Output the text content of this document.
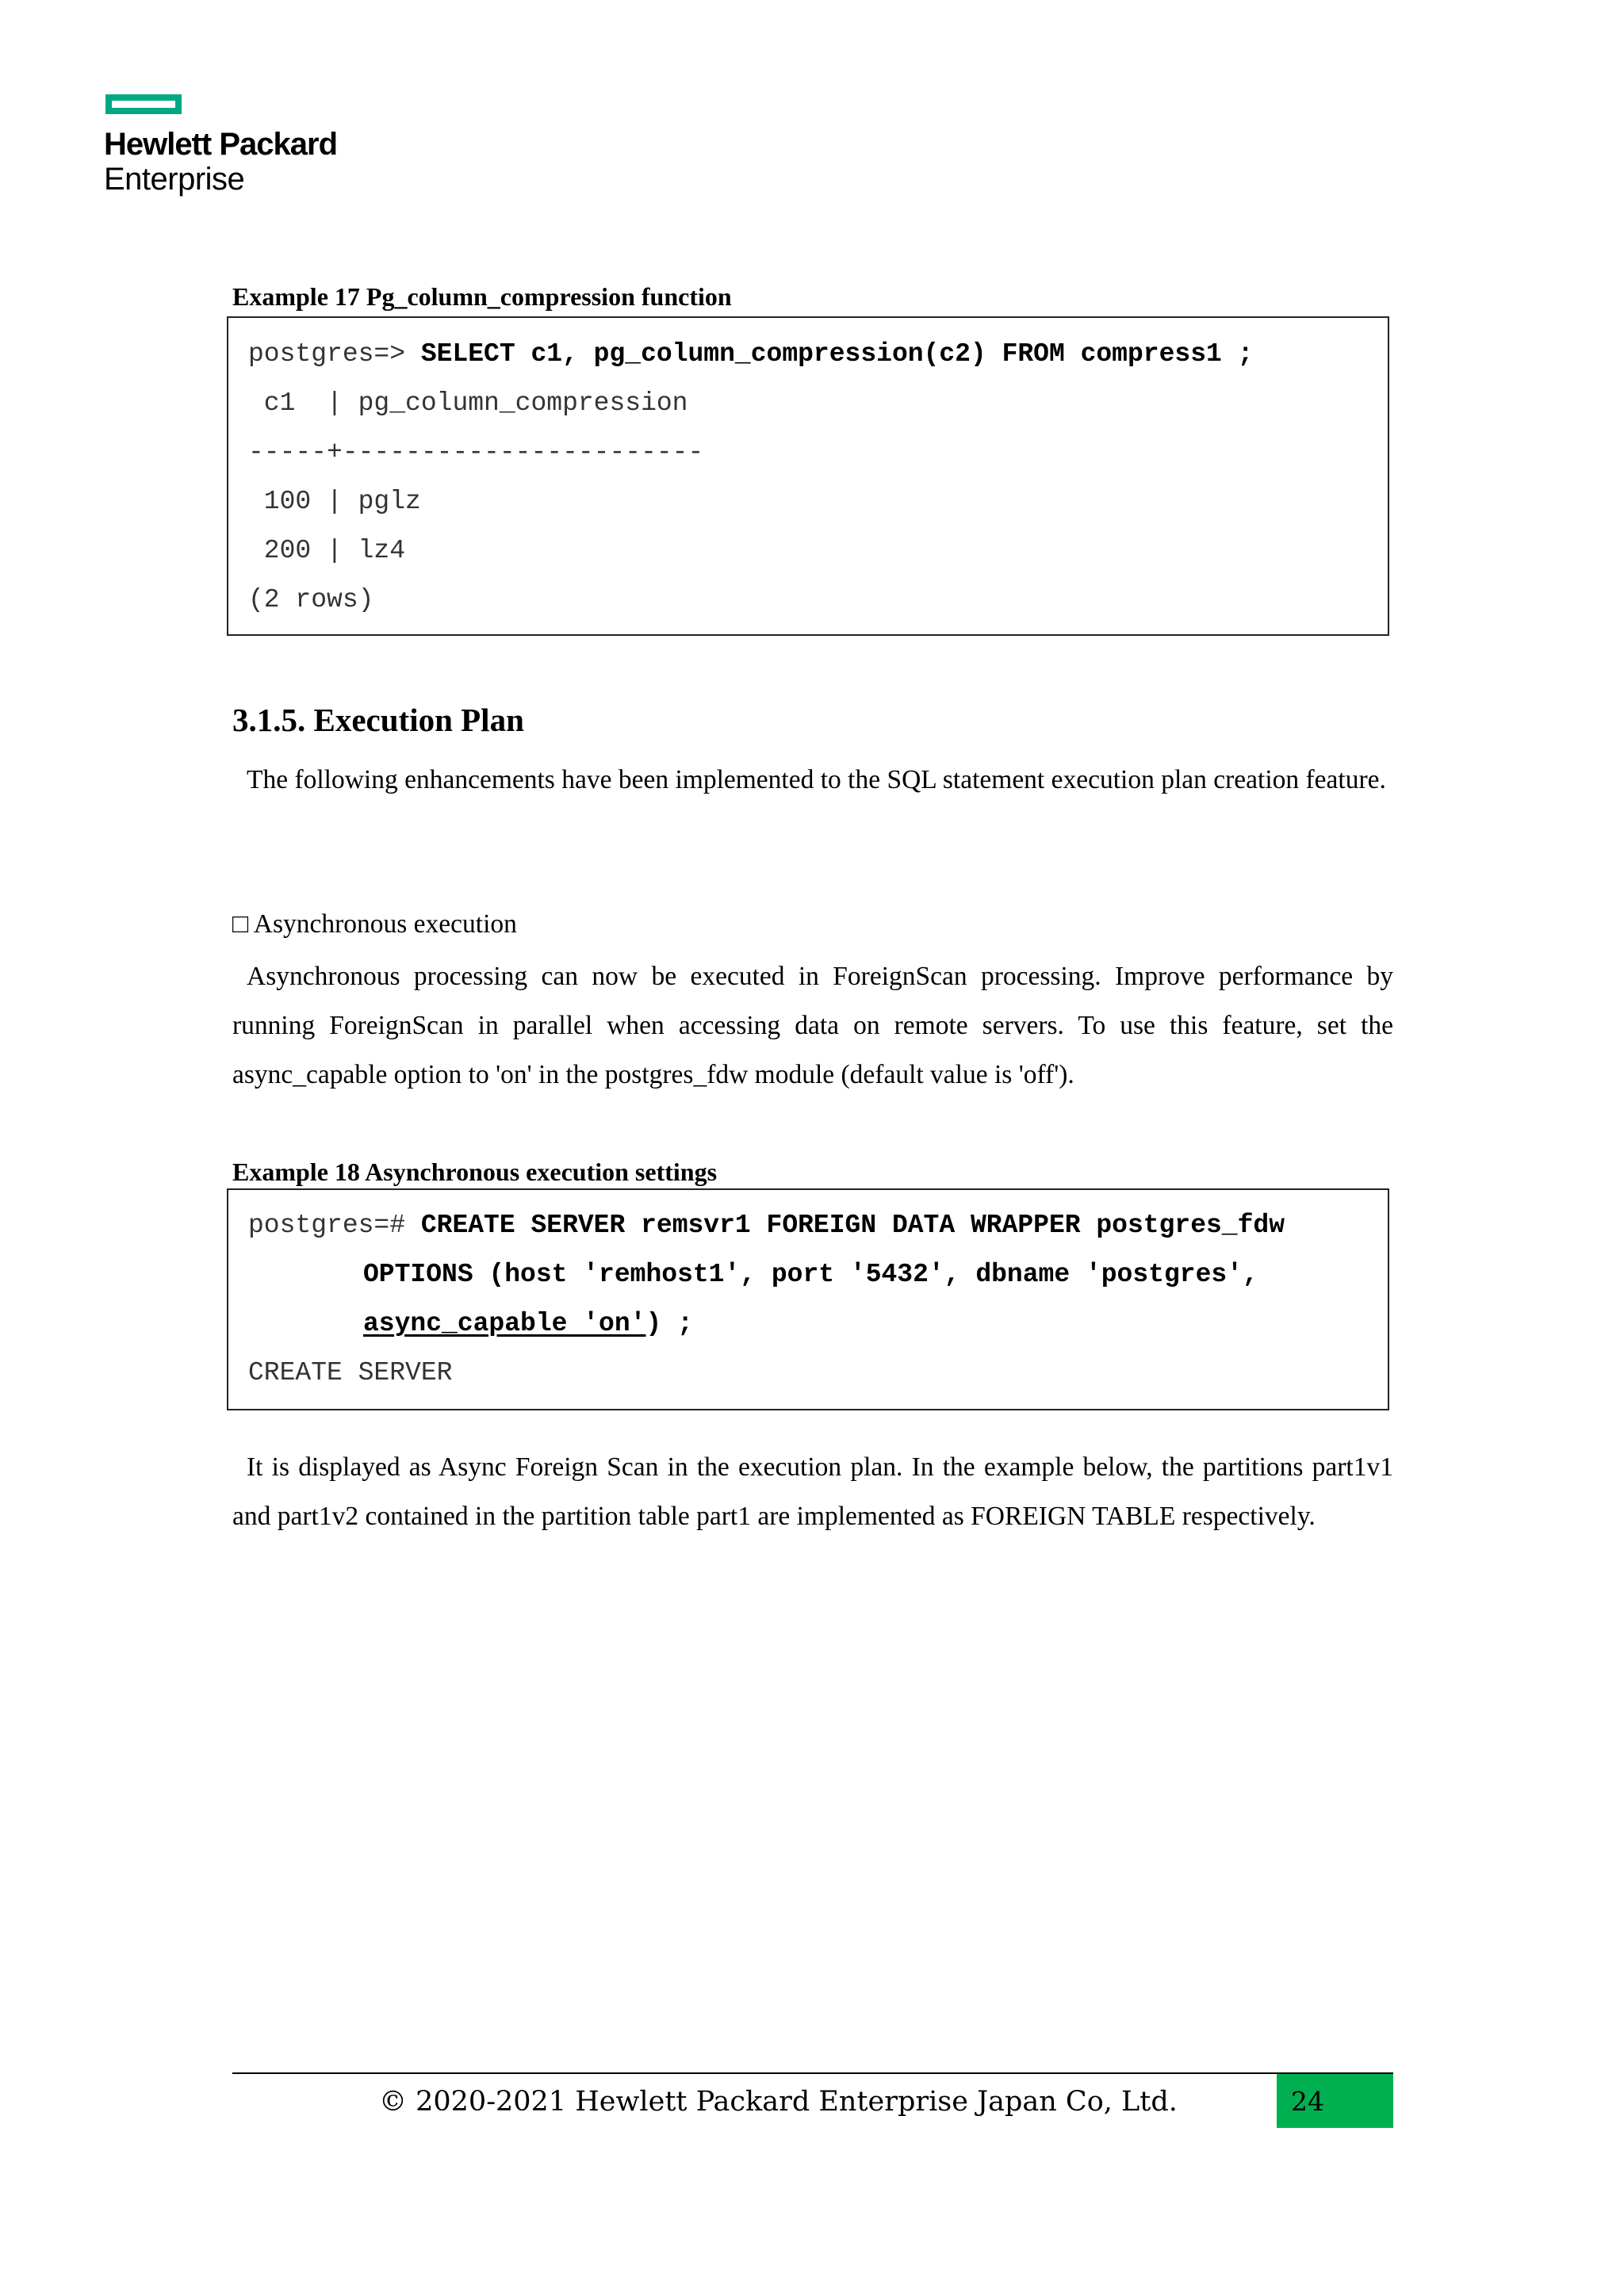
Hewlett Packard
Enterprise
Example 17 Pg_column_compression function
postgres=> SELECT c1, pg_column_compression(c2) FROM compress1 ;
c1  | pg_column_compression
-----+-----------------------
100 | pglz
200 | lz4
(2 rows)
3.1.5. Execution Plan
The following enhancements have been implemented to the SQL statement execution plan creation feature.
□ Asynchronous execution
Asynchronous processing can now be executed in ForeignScan processing. Improve performance by running ForeignScan in parallel when accessing data on remote servers. To use this feature, set the async_capable option to 'on' in the postgres_fdw module (default value is 'off').
Example 18 Asynchronous execution settings
postgres=# CREATE SERVER remsvr1 FOREIGN DATA WRAPPER postgres_fdw
OPTIONS (host 'remhost1', port '5432', dbname 'postgres',
async_capable 'on') ;
CREATE SERVER
It is displayed as Async Foreign Scan in the execution plan. In the example below, the partitions part1v1 and part1v2 contained in the partition table part1 are implemented as FOREIGN TABLE respectively.
© 2020-2021 Hewlett Packard Enterprise Japan Co, Ltd.	24
